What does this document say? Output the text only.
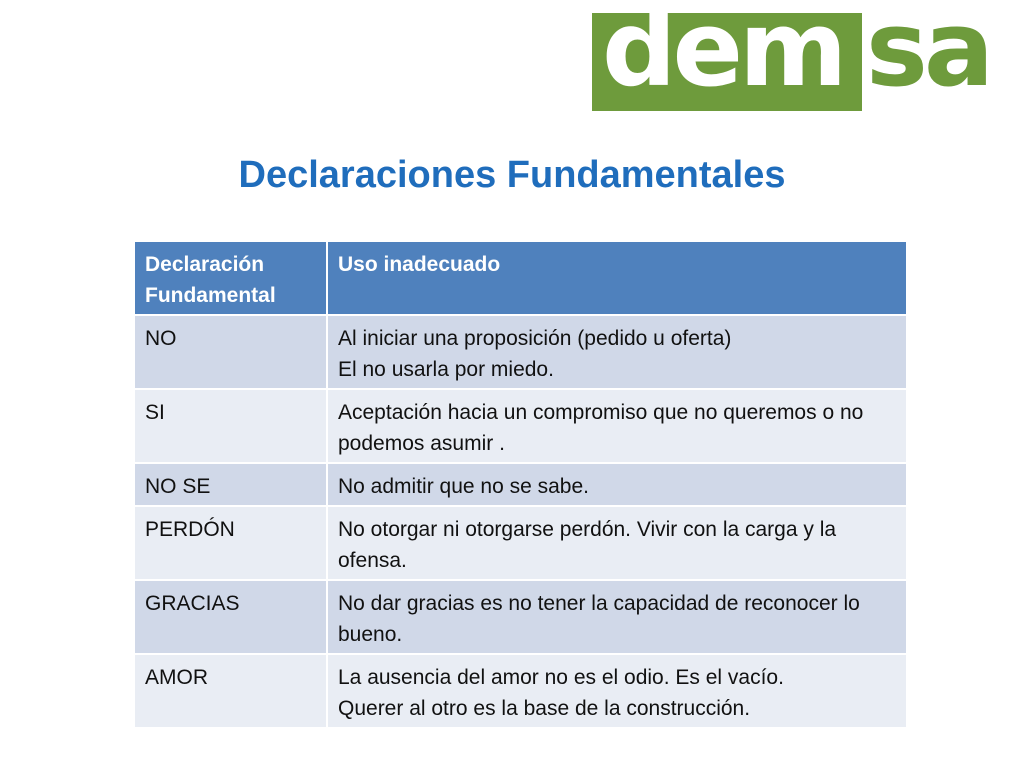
dem sa
Declaraciones Fundamentales
Declaración Fundamental	Uso inadecuado
NO	Al iniciar una proposición (pedido u oferta)
El no usarla por miedo.

SI	Aceptación hacia un compromiso que no queremos o no podemos asumir .

NO SE	No admitir que no se sabe.

PERDÓN	No otorgar ni otorgarse perdón. Vivir con la carga y la ofensa.

GRACIAS	No dar gracias es no tener la capacidad de reconocer lo bueno.

AMOR	La ausencia del amor no es el odio. Es el vacío.
Querer al otro es la base de la construcción.
